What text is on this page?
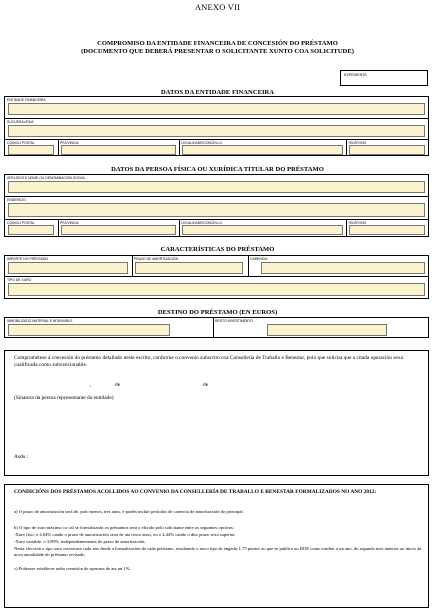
ANEXO VII
COMPROMISO DA ENTIDADE FINANCEIRA DE CONCESIÓN DO PRÉSTAMO
(DOCUMENTO QUE DEBERÁ PRESENTAR O SOLICITANTE XUNTO COA SOLICITUDE)
EXPEDIENTE
DATOS DA ENTIDADE FINANCEIRA
ENTIDADE FINANCEIRA
SUCURSAL/RÚA
CÓDIGO POSTAL	PROVINCIA	LOCALIDADE/CONCELLO	TELÉFONO
DATOS DA PERSOA FÍSICA OU XURÍDICA TITULAR DO PRÉSTAMO
APELIDOS E NOME OU DENOMINACIÓN SOCIAL
ENDEREZO
CÓDIGO POSTAL	PROVINCIA	LOCALIDADE/CONCELLO	TELÉFONO
CARACTERÍSTICAS DO PRÉSTAMO
IMPORTE DO PRÉSTAMO	PRAZO DE AMORTIZACIÓN	CARENCIA
TIPO DE XURO
DESTINO DO PRÉSTAMO (EN EUROS)
INMOBILIZADO MATERIAL E INTANXIBLE	RESTO INVESTIMENTO
Comprométese á concesión do préstamo detallado neste escrito, conforme o convenio subscrito coa Consellería de Traballo e Benestar, polo que solicita que a citada operación sexa cualificada como subvencionable.
,	de	de
(Sinatura da persoa representante da entidade)
Asdo.:
CONDICIÓNS DOS PRÉSTAMOS ACOLLIDOS AO CONVENIO DA CONSELLERÍA DE TRABALLO E BENESTAR FORMALIZADOS NO ANO 2012:
a) O prazo de amortización será de, polo menos, tres anos, e poden incluír períodos de carencia de amortización do principal.
b) O tipo de xuro máximo co cal se formalizarán os préstamos será o elixido polo solicitante entre as seguintes opcións:
-Xuro fixo: o 4,04% cando o prazo de amortización sexa de ata cinco anos, ou o 4,44% cando o dito prazo sexa superior.
-Xuro variable: o 3,89%, independentemente do prazo de amortización.
Nesta elección o tipo xuro revisarase cada ano desde a formalización de cada préstamo, resultando o novo tipo de engadir 1,75 puntos ao que se publica no BOE como euribor a un ano, do segundo mes anterior ao inicio da nova anualidade do préstamo revisado.
c) Poderase establecer unha comisión de apertura de ata un 1%.
